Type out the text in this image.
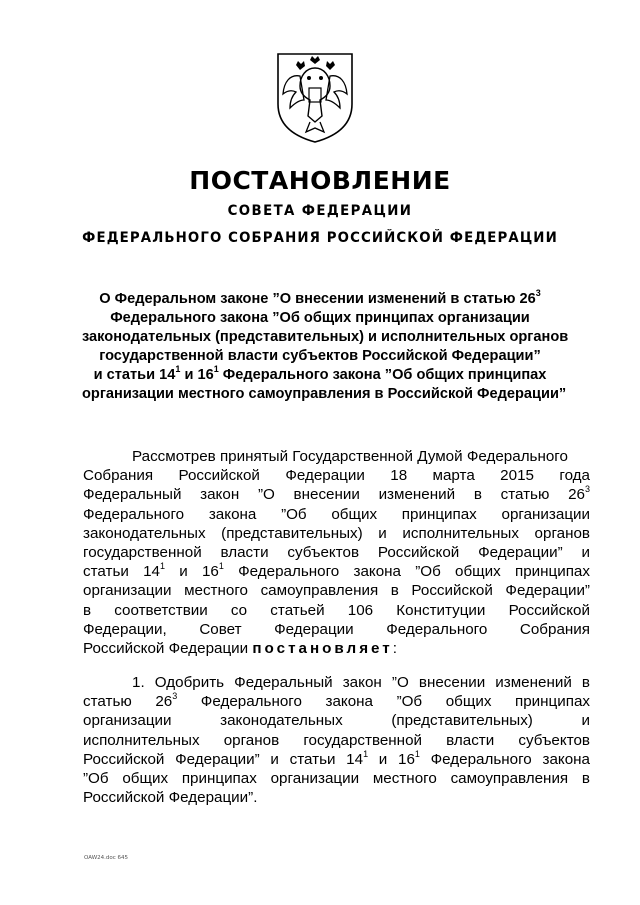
ПОСТАНОВЛЕНИЕ
СОВЕТА ФЕДЕРАЦИИ
ФЕДЕРАЛЬНОГО СОБРАНИЯ РОССИЙСКОЙ ФЕДЕРАЦИИ
О Федеральном законе ”О внесении изменений в статью $26^3$
Федерального закона ”Об общих принципах организации
законодательных (представительных) и исполнительных органов
государственной власти субъектов Российской Федерации”
и статьи $14^1$ и $16^1$ Федерального закона ”Об общих принципах
организации местного самоуправления в Российской Федерации”
Рассмотрев принятый Государственной Думой Федерального
Собрания Российской Федерации 18 марта 2015 года
Федеральный закон ”О внесении изменений в статью $26^3$
Федерального закона ”Об общих принципах организации
законодательных (представительных) и исполнительных органов
государственной власти субъектов Российской Федерации” и
статьи $14^1$ и $16^1$ Федерального закона ”Об общих принципах
организации местного самоуправления в Российской Федерации”
в соответствии со статьей 106 Конституции Российской
Федерации, Совет Федерации Федерального Собрания
Российской Федерации постановляет:
1. Одобрить Федеральный закон ”О внесении изменений в
статью $26^3$ Федерального закона ”Об общих принципах
организации законодательных (представительных) и
исполнительных органов государственной власти субъектов
Российской Федерации” и статьи $14^1$ и $16^1$ Федерального закона
”Об общих принципах организации местного самоуправления в
Российской Федерации”.
OAW24.doc 645
